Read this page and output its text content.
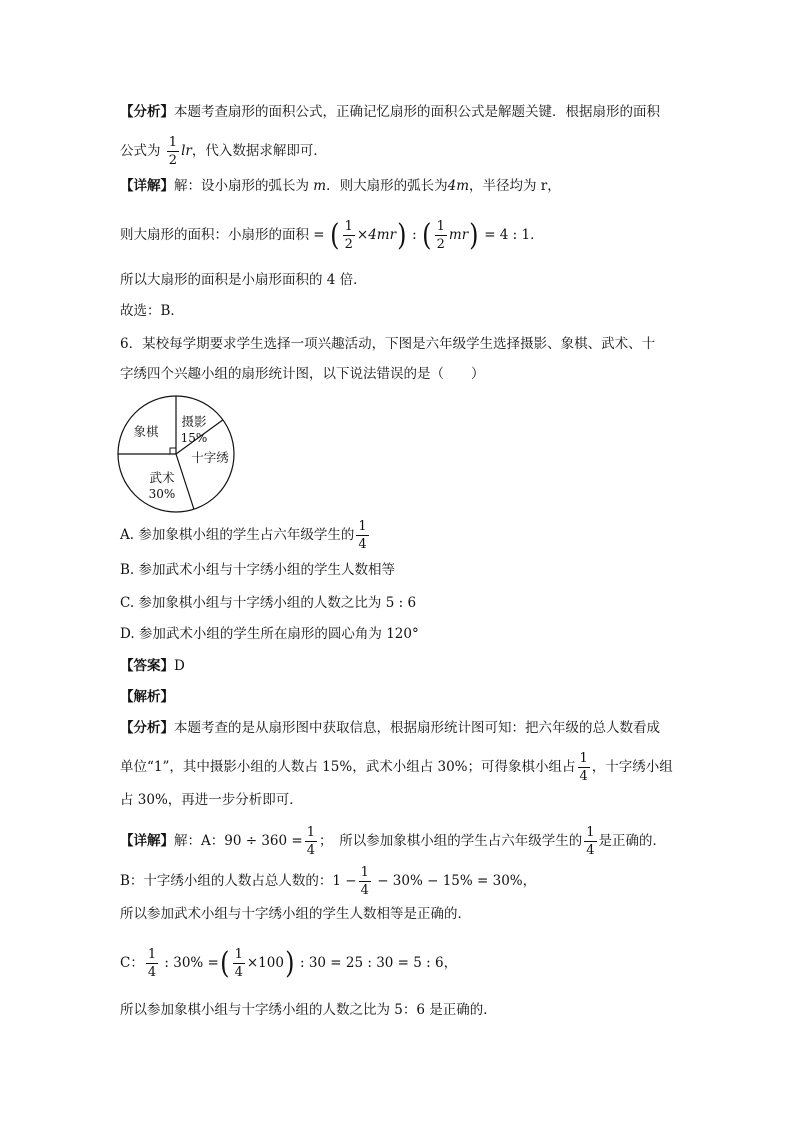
【分析】本题考查扇形的面积公式，正确记忆扇形的面积公式是解题关键．根据扇形的面积
公式为 $\frac{1}{2}$ lr，代入数据求解即可．
【详解】解：设小扇形的弧长为 m．则大扇形的弧长为4m，半径均为 r，
则大扇形的面积：小扇形的面积 = ( $\frac{1}{2} \times 4mr$) : ( $\frac{1}{2} mr) = 4$ : 1．
所以大扇形的面积是小扇形面积的 4 倍．
故选：B．
6．某校每学期要求学生选择一项兴趣活动，下图是六年级学生选择摄影、象棋、武术、十
字绣四个兴趣小组的扇形统计图，以下说法错误的是（　　）
象棋
摄影
15%
十字绣
武术
30%
A. 参加象棋小组的学生占六年级学生的 $\frac{1}{4}$
B. 参加武术小组与十字绣小组的学生人数相等
C. 参加象棋小组与十字绣小组的人数之比为 5 : 6
D. 参加武术小组的学生所在扇形的圆心角为 120°
【答案】D
【解析】
【分析】本题考查的是从扇形图中获取信息，根据扇形统计图可知：把六年级的总人数看成
单位“1”，其中摄影小组的人数占 15%，武术小组占 30%；可得象棋小组占 $\frac{1}{4}$ ，十字绣小组
占 30%，再进一步分析即可．
【详解】解：A：$90 \div 360 = \frac{1}{4}$ ；　所以参加象棋小组的学生占六年级学生的 $\frac{1}{4}$ 是正确的．
B：十字绣小组的人数占总人数的：$1 - \frac{1}{4} - 30\% - 15\% = 30\%$，
所以参加武术小组与十字绣小组的学生人数相等是正确的．
C： $\frac{1}{4}$ : 30% =( $\frac{1}{4} \times 100$) : 30 = 25 : 30 = 5 : 6，
所以参加象棋小组与十字绣小组的人数之比为 5：6 是正确的．
